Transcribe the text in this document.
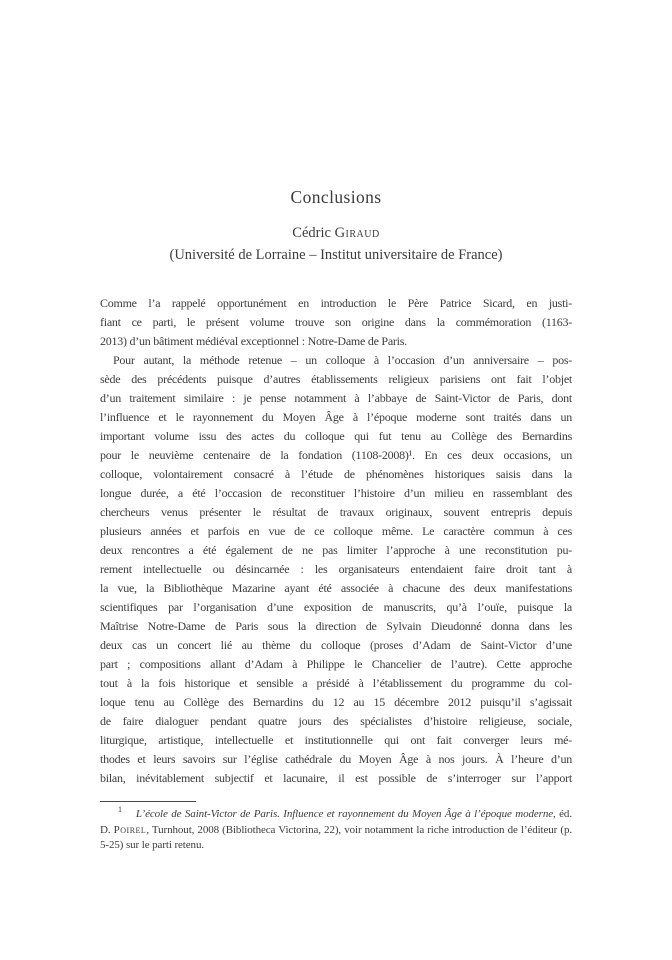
Conclusions

Cédric Giraud

(Université de Lorraine – Institut universitaire de France)

Comme l’a rappelé opportunément en introduction le Père Patrice Sicard, en justi-
fiant ce parti, le présent volume trouve son origine dans la commémoration (1163-
2013) d’un bâtiment médiéval exceptionnel : Notre-Dame de Paris.
Pour autant, la méthode retenue – un colloque à l’occasion d’un anniversaire – pos-
sède des précédents puisque d’autres établissements religieux parisiens ont fait l’objet
d’un traitement similaire : je pense notamment à l’abbaye de Saint-Victor de Paris, dont
l’influence et le rayonnement du Moyen Âge à l’époque moderne sont traités dans un
important volume issu des actes du colloque qui fut tenu au Collège des Bernardins
pour le neuvième centenaire de la fondation (1108-2008)¹. En ces deux occasions, un
colloque, volontairement consacré à l’étude de phénomènes historiques saisis dans la
longue durée, a été l’occasion de reconstituer l’histoire d’un milieu en rassemblant des
chercheurs venus présenter le résultat de travaux originaux, souvent entrepris depuis
plusieurs années et parfois en vue de ce colloque même. Le caractère commun à ces
deux rencontres a été également de ne pas limiter l’approche à une reconstitution pu-
rement intellectuelle ou désincarnée : les organisateurs entendaient faire droit tant à
la vue, la Bibliothèque Mazarine ayant été associée à chacune des deux manifestations
scientifiques par l’organisation d’une exposition de manuscrits, qu’à l’ouïe, puisque la
Maîtrise Notre-Dame de Paris sous la direction de Sylvain Dieudonné donna dans les
deux cas un concert lié au thème du colloque (proses d’Adam de Saint-Victor d’une
part ; compositions allant d’Adam à Philippe le Chancelier de l’autre). Cette approche
tout à la fois historique et sensible a présidé à l’établissement du programme du col-
loque tenu au Collège des Bernardins du 12 au 15 décembre 2012 puisqu’il s’agissait
de faire dialoguer pendant quatre jours des spécialistes d’histoire religieuse, sociale,
liturgique, artistique, intellectuelle et institutionnelle qui ont fait converger leurs mé-
thodes et leurs savoirs sur l’église cathédrale du Moyen Âge à nos jours. À l’heure d’un
bilan, inévitablement subjectif et lacunaire, il est possible de s’interroger sur l’apport

$^1$ L’école de Saint-Victor de Paris. Influence et rayonnement du Moyen Âge à l’époque moderne, éd. D. Poirel, Turnhout, 2008 (Bibliotheca Victorina, 22), voir notamment la riche introduction de l’éditeur (p. 5-25) sur le parti retenu.
